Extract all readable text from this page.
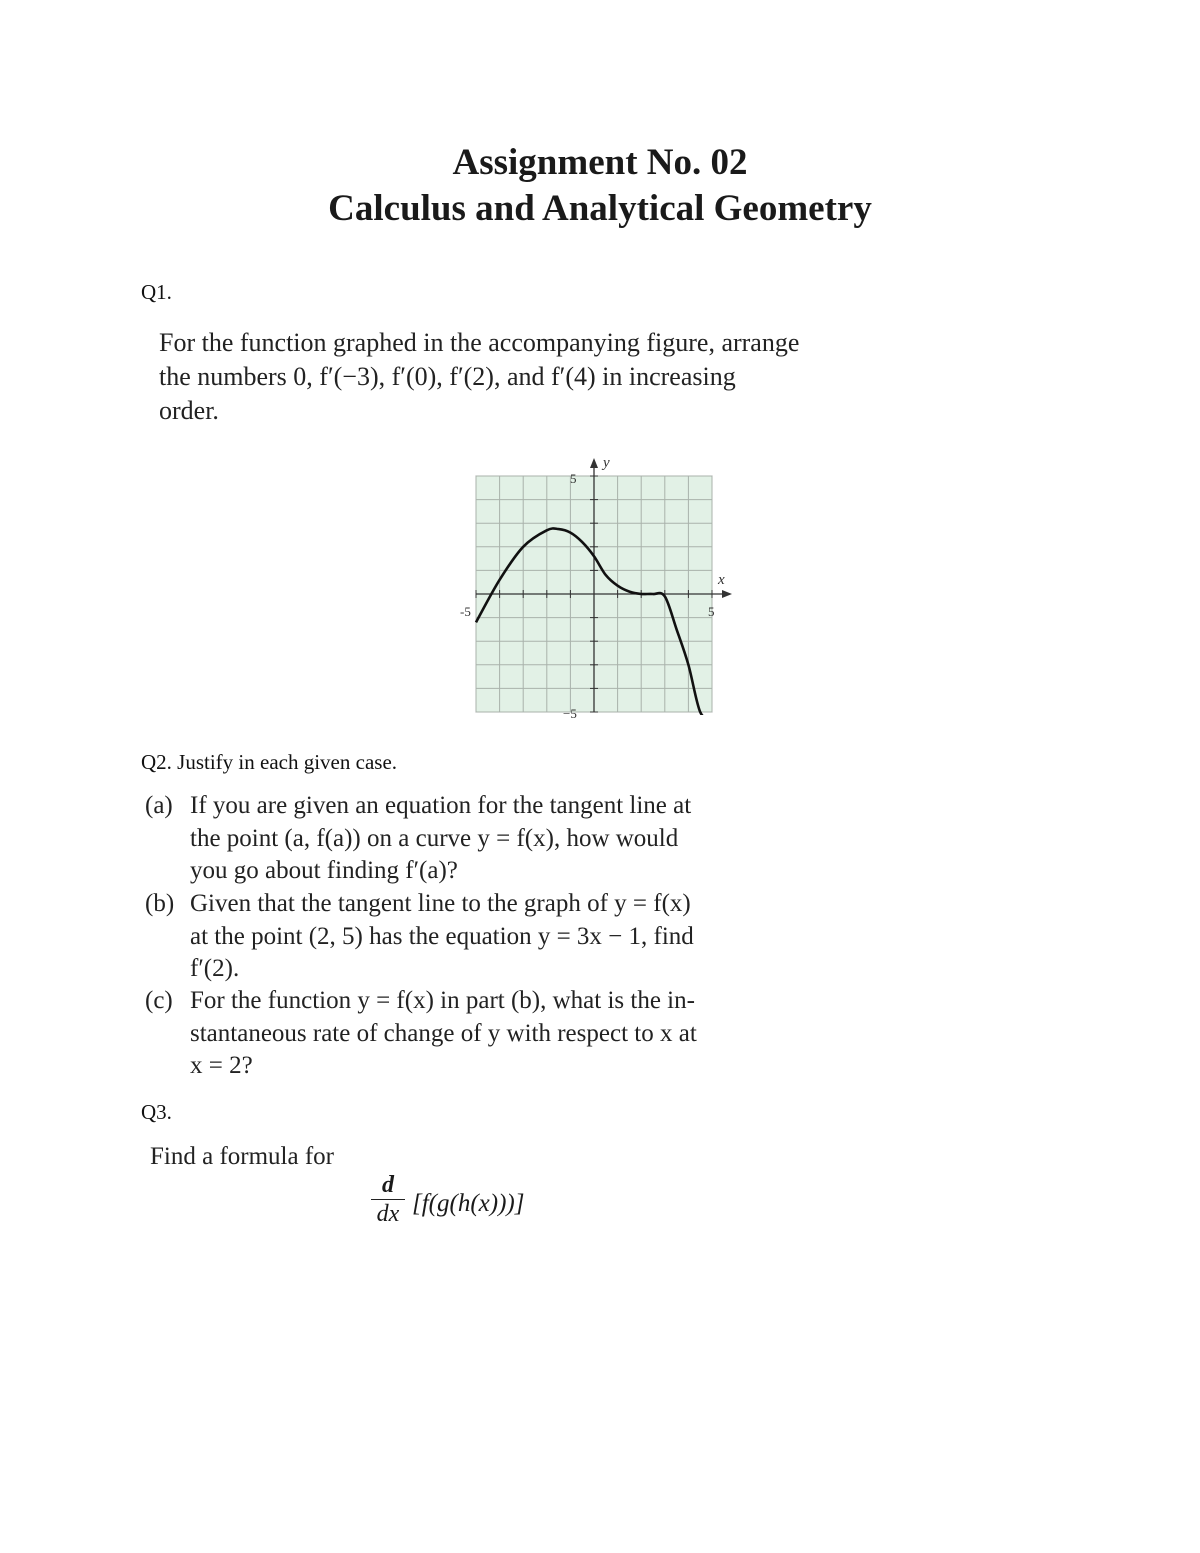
Assignment No. 02
Calculus and Analytical Geometry
Q1.
For the function graphed in the accompanying figure, arrange
the numbers 0, f′(−3), f′(0), f′(2), and f′(4) in increasing
order.
-5	5
5
−5
x
y
Q2. Justify in each given case.
(a) If you are given an equation for the tangent line at
the point (a, f(a)) on a curve y = f(x), how would
you go about finding f′(a)?
(b) Given that the tangent line to the graph of y = f(x)
at the point (2, 5) has the equation y = 3x − 1, find
f′(2).
(c) For the function y = f(x) in part (b), what is the in-
stantaneous rate of change of y with respect to x at
x = 2?
Q3.
Find a formula for
d
dx [f(g(h(x)))]
